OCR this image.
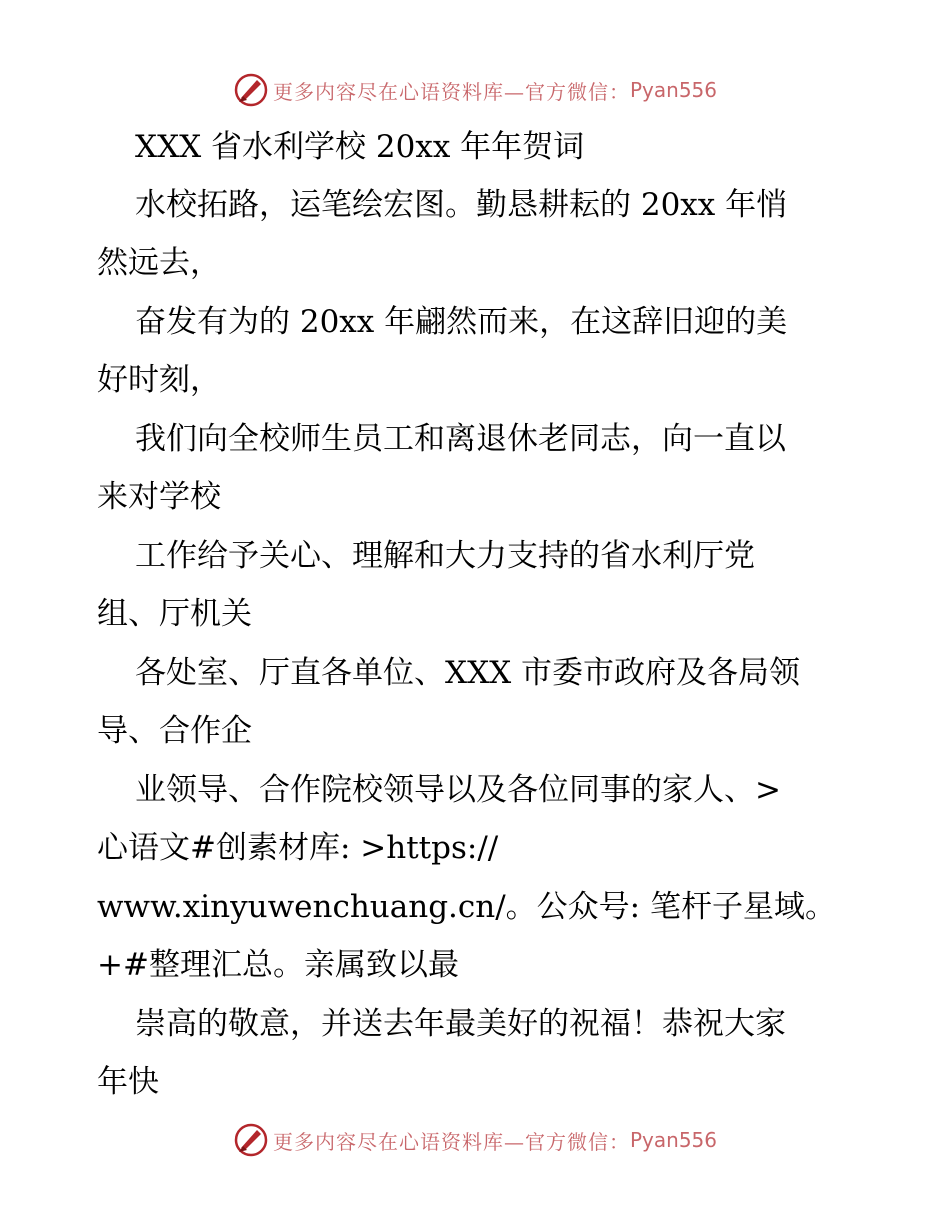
更多内容尽在心语资料库—官方微信： Pyan556
XXX 省水利学校 20xx 年年贺词
水校拓路，运笔绘宏图。勤恳耕耘的 20xx 年悄
然远去，
奋发有为的 20xx 年翩然而来，在这辞旧迎的美
好时刻，
我们向全校师生员工和离退休老同志，向一直以
来对学校
工作给予关心、理解和大力支持的省水利厅党
组、厅机关
各处室、厅直各单位、XXX 市委市政府及各局领
导、合作企
业领导、合作院校领导以及各位同事的家人、>
心语文#创素材库: >https://
www.xinyuwenchuang.cn/。公众号: 笔杆子星域。
+#整理汇总。亲属致以最
崇高的敬意，并送去年最美好的祝福！恭祝大家
年快
更多内容尽在心语资料库—官方微信： Pyan556
